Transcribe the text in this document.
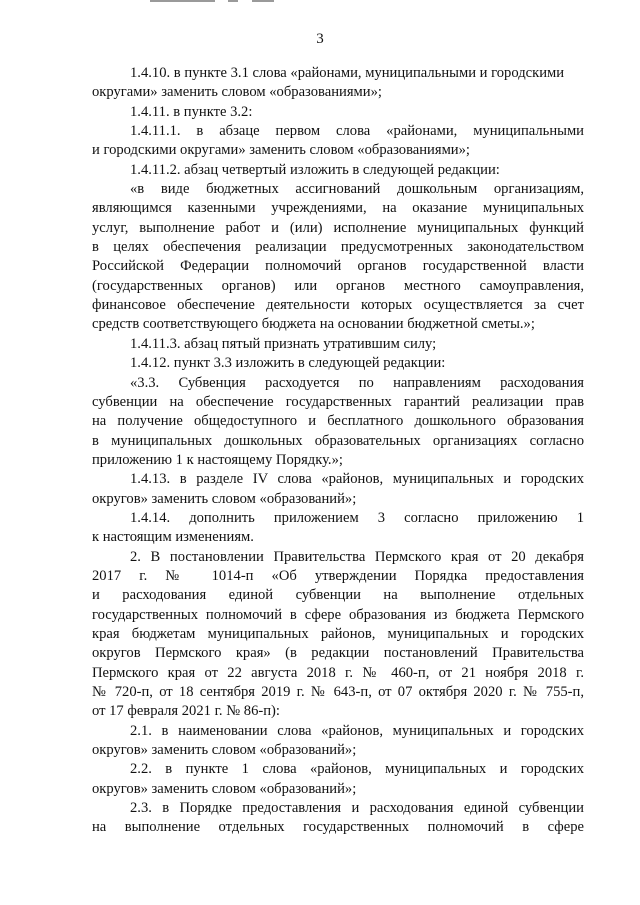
3

1.4.10. в пункте 3.1 слова «районами, муниципальными и городскими

округами» заменить словом «образованиями»;

1.4.11. в пункте 3.2:

1.4.11.1. в абзаце первом слова «районами, муниципальными

и городскими округами» заменить словом «образованиями»;

1.4.11.2. абзац четвертый изложить в следующей редакции:

«в виде бюджетных ассигнований дошкольным организациям,

являющимся казенными учреждениями, на оказание муниципальных

услуг, выполнение работ и (или) исполнение муниципальных функций

в целях обеспечения реализации предусмотренных законодательством

Российской Федерации полномочий органов государственной власти

(государственных органов) или органов местного самоуправления,

финансовое обеспечение деятельности которых осуществляется за счет

средств соответствующего бюджета на основании бюджетной сметы.»;

1.4.11.3. абзац пятый признать утратившим силу;

1.4.12. пункт 3.3 изложить в следующей редакции:

«3.3. Субвенция расходуется по направлениям расходования

субвенции на обеспечение государственных гарантий реализации прав

на получение общедоступного и бесплатного дошкольного образования

в муниципальных дошкольных образовательных организациях согласно

приложению 1 к настоящему Порядку.»;

1.4.13. в разделе IV слова «районов, муниципальных и городских

округов» заменить словом «образований»;

1.4.14. дополнить приложением 3 согласно приложению 1

к настоящим изменениям.

2. В постановлении Правительства Пермского края от 20 декабря

2017 г. № 1014-п «Об утверждении Порядка предоставления

и расходования единой субвенции на выполнение отдельных

государственных полномочий в сфере образования из бюджета Пермского

края бюджетам муниципальных районов, муниципальных и городских

округов Пермского края» (в редакции постановлений Правительства

Пермского края от 22 августа 2018 г. № 460-п, от 21 ноября 2018 г.

№ 720-п, от 18 сентября 2019 г. № 643-п, от 07 октября 2020 г. № 755-п,

от 17 февраля 2021 г. № 86-п):

2.1. в наименовании слова «районов, муниципальных и городских

округов» заменить словом «образований»;

2.2. в пункте 1 слова «районов, муниципальных и городских

округов» заменить словом «образований»;

2.3. в Порядке предоставления и расходования единой субвенции

на выполнение отдельных государственных полномочий в сфере
